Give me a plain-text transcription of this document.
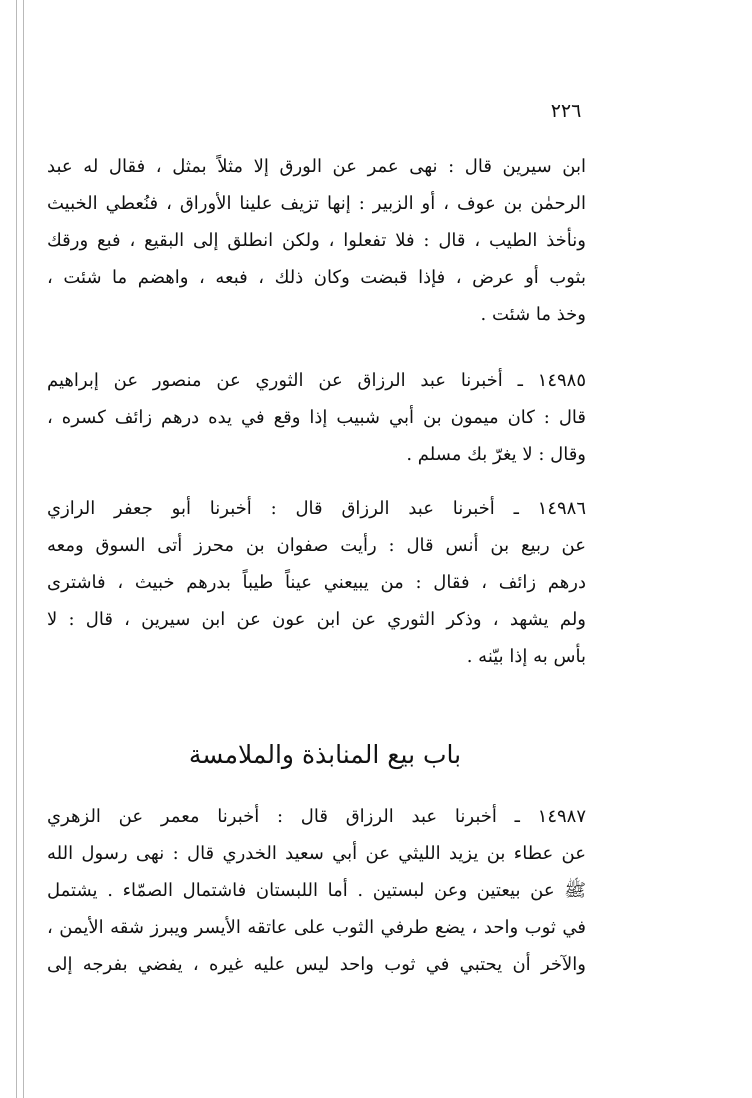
٢٢٦
ابن سيرين قال : نهى عمر عن الورق إلا مثلاً بمثل ، فقال له عبد
الرحمٰن بن عوف ، أو الزبير : إنها تزيف علينا الأوراق ، فنُعطي الخبيث
ونأخذ الطيب ، قال : فلا تفعلوا ، ولكن انطلق إلى البقيع ، فبع ورقك
بثوب أو عرض ، فإذا قبضت وكان ذلك ، فبعه ، واهضم ما شئت ،
وخذ ما شئت .
١٤٩٨٥ ـ أخبرنا عبد الرزاق عن الثوري عن منصور عن إبراهيم
قال : كان ميمون بن أبي شبيب إذا وقع في يده درهم زائف كسره ،
وقال : لا يغرّ بك مسلم .
١٤٩٨٦ ـ أخبرنا عبد الرزاق قال : أخبرنا أبو جعفر الرازي
عن ربيع بن أنس قال : رأيت صفوان بن محرز أتى السوق ومعه
درهم زائف ، فقال : من يبيعني عيناً طيباً بدرهم خبيث ، فاشترى
ولم يشهد ، وذكر الثوري عن ابن عون عن ابن سيرين ، قال : لا
بأس به إذا بيّنه .
باب بيع المنابذة والملامسة
١٤٩٨٧ ـ أخبرنا عبد الرزاق قال : أخبرنا معمر عن الزهري
عن عطاء بن يزيد الليثي عن أبي سعيد الخدري قال : نهى رسول الله
ﷺ عن بيعتين وعن لبستين . أما اللبستان فاشتمال الصمّاء . يشتمل
في ثوب واحد ، يضع طرفي الثوب على عاتقه الأيسر ويبرز شقه الأيمن ،
والآخر أن يحتبي في ثوب واحد ليس عليه غيره ، يفضي بفرجه إلى
